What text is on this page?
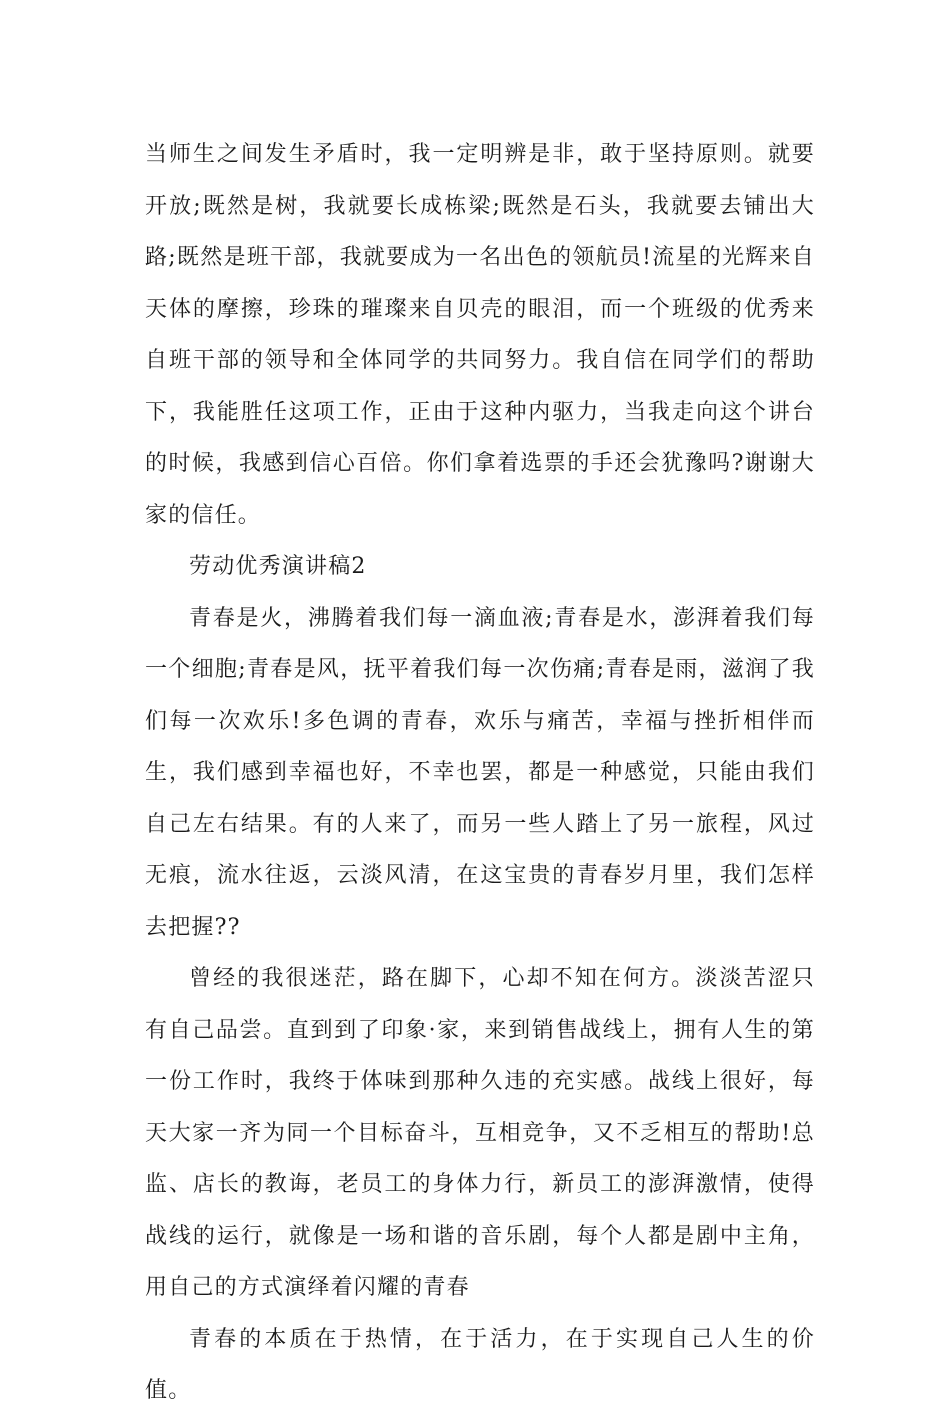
当师生之间发生矛盾时，我一定明辨是非，敢于坚持原则。就要开放;既然是树，我就要长成栋梁;既然是石头，我就要去铺出大路;既然是班干部，我就要成为一名出色的领航员!流星的光辉来自天体的摩擦，珍珠的璀璨来自贝壳的眼泪，而一个班级的优秀来自班干部的领导和全体同学的共同努力。我自信在同学们的帮助下，我能胜任这项工作，正由于这种内驱力，当我走向这个讲台的时候，我感到信心百倍。你们拿着选票的手还会犹豫吗?谢谢大家的信任。

劳动优秀演讲稿2

青春是火，沸腾着我们每一滴血液;青春是水，澎湃着我们每一个细胞;青春是风，抚平着我们每一次伤痛;青春是雨，滋润了我们每一次欢乐!多色调的青春，欢乐与痛苦，幸福与挫折相伴而生，我们感到幸福也好，不幸也罢，都是一种感觉，只能由我们自己左右结果。有的人来了，而另一些人踏上了另一旅程，风过无痕，流水往返，云淡风清，在这宝贵的青春岁月里，我们怎样去把握??

曾经的我很迷茫，路在脚下，心却不知在何方。淡淡苦涩只有自己品尝。直到到了印象·家，来到销售战线上，拥有人生的第一份工作时，我终于体味到那种久违的充实感。战线上很好，每天大家一齐为同一个目标奋斗，互相竞争，又不乏相互的帮助!总监、店长的教诲，老员工的身体力行，新员工的澎湃激情，使得战线的运行，就像是一场和谐的音乐剧，每个人都是剧中主角，用自己的方式演绎着闪耀的青春

青春的本质在于热情，在于活力，在于实现自己人生的价值。
